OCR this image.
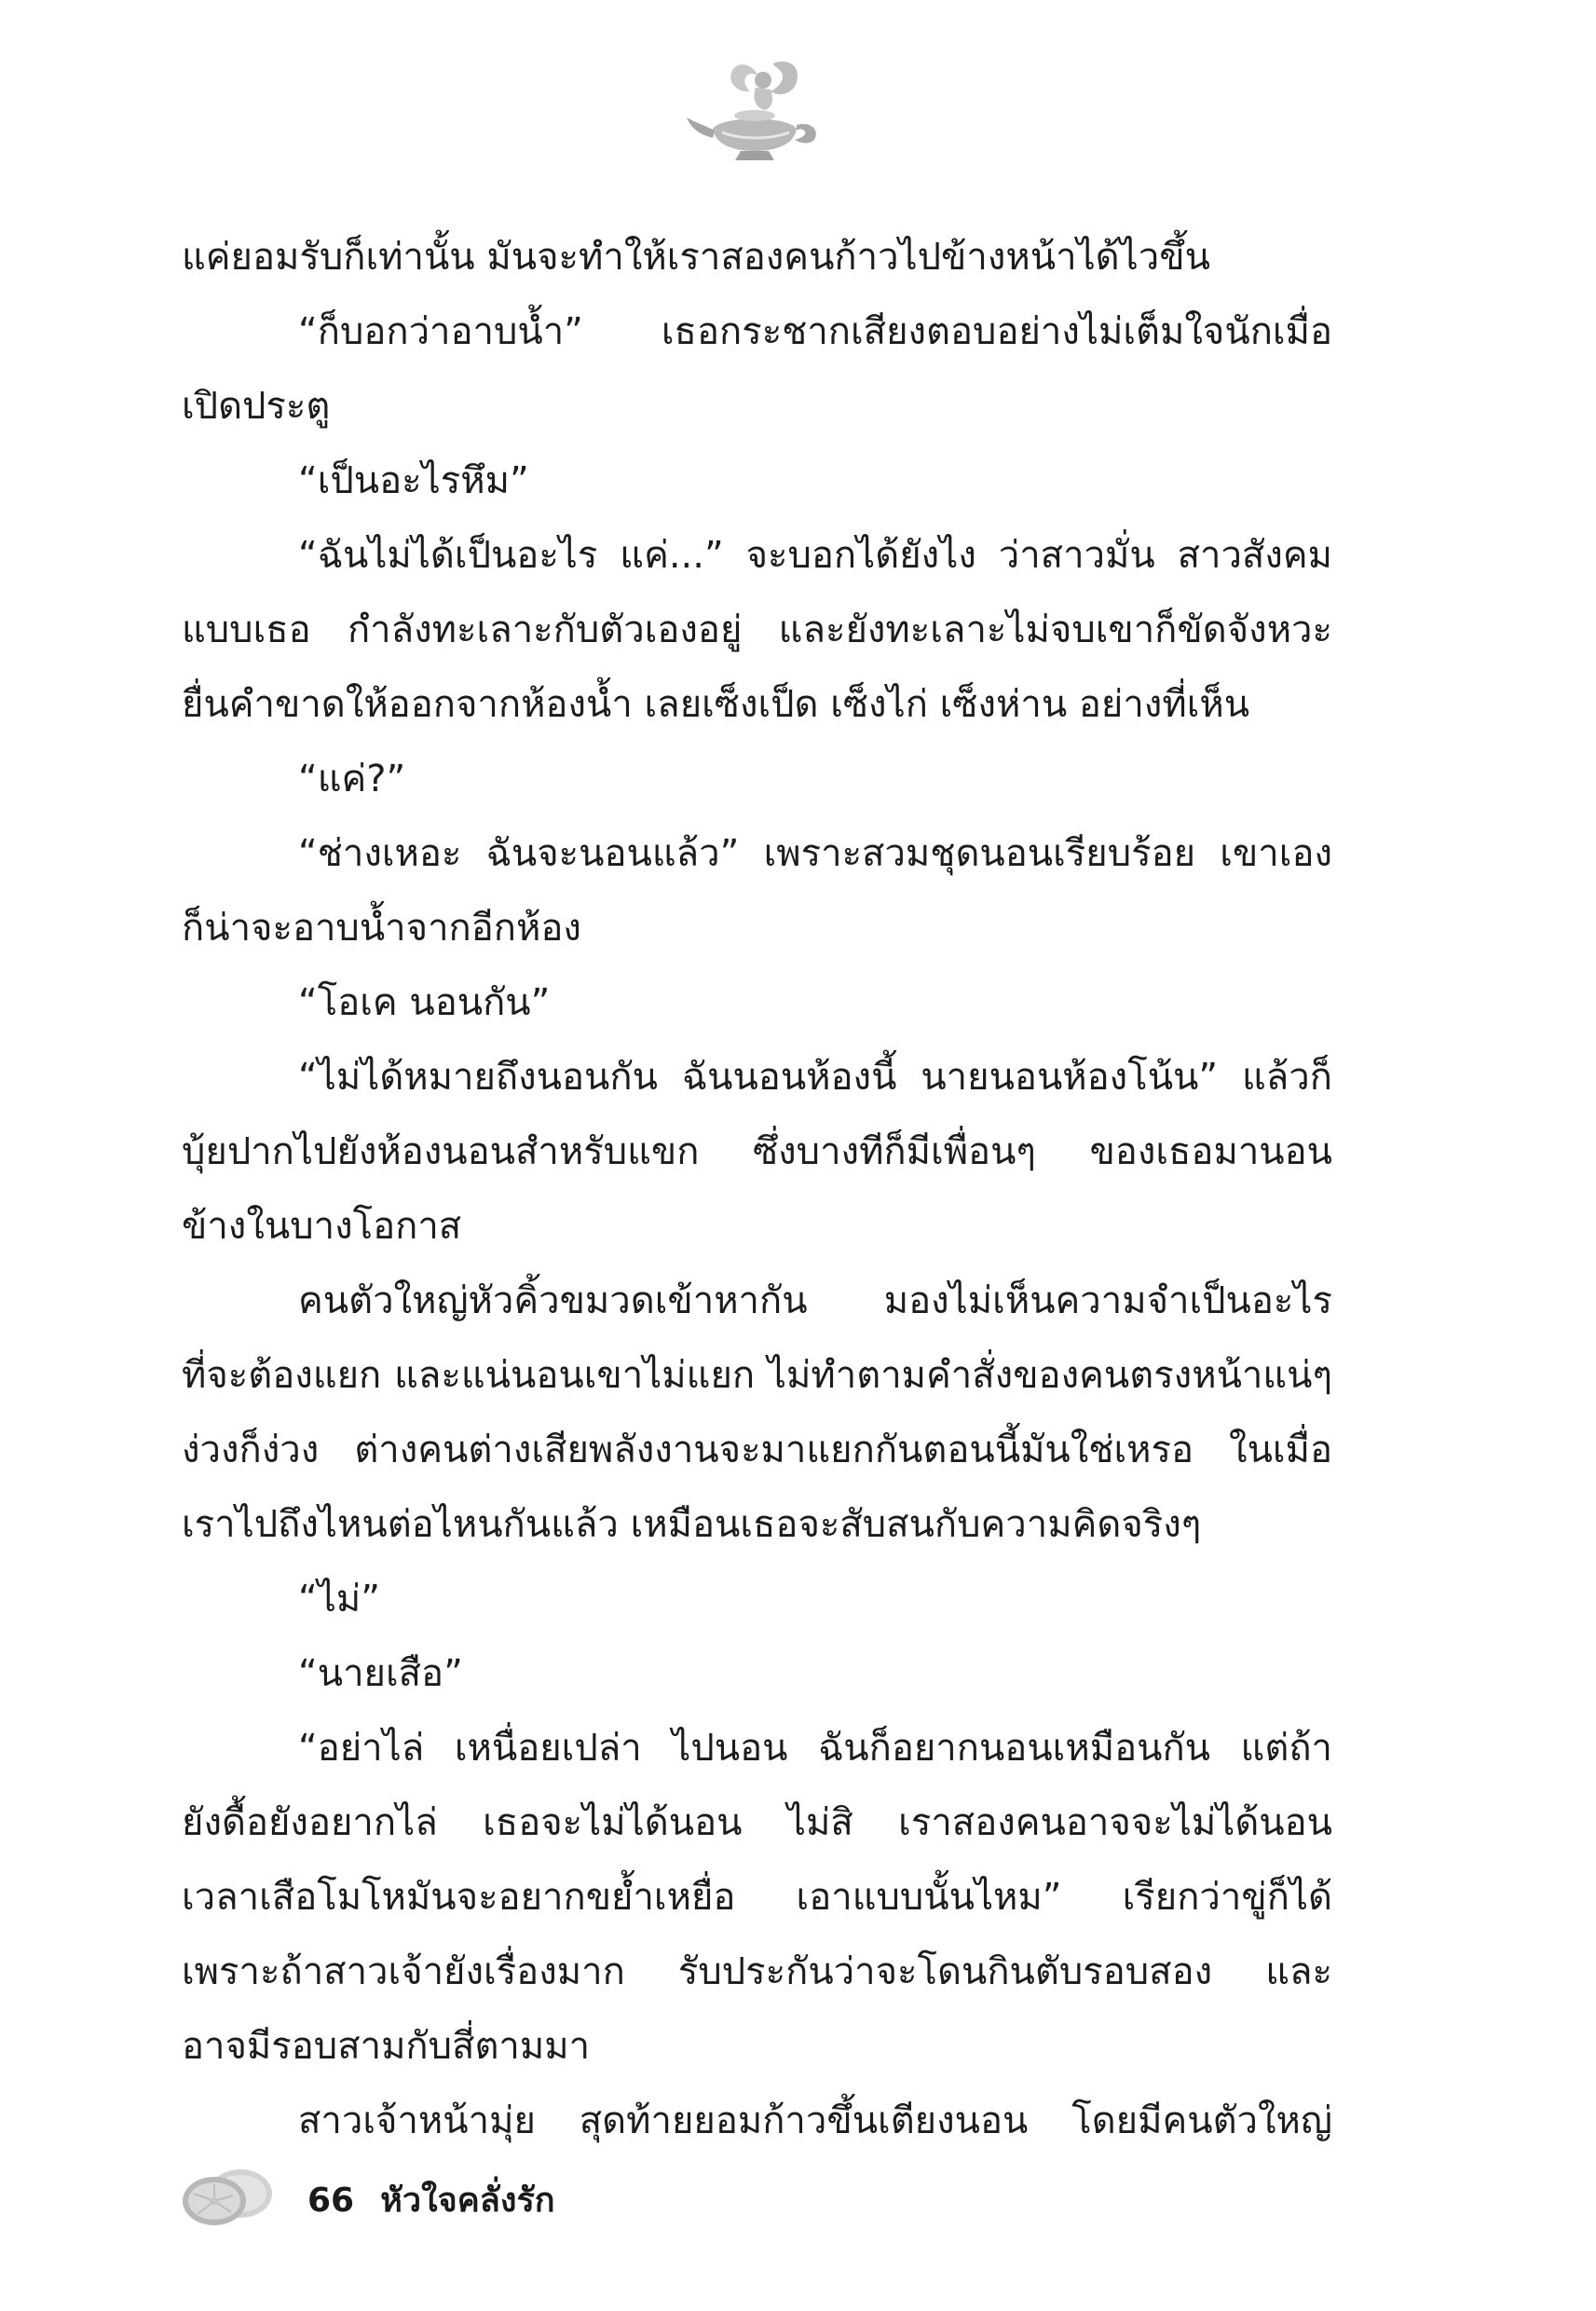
แค่ยอมรับก็เท่านั้น มันจะทำให้เราสองคนก้าวไปข้างหน้าได้ไวขึ้น

“ก็บอกว่าอาบน้ำ” เธอกระชากเสียงตอบอย่างไม่เต็มใจนักเมื่อ

เปิดประตู

“เป็นอะไรหึม”

“ฉันไม่ได้เป็นอะไร แค่...” จะบอกได้ยังไง ว่าสาวมั่น สาวสังคม

แบบเธอ กำลังทะเลาะกับตัวเองอยู่ และยังทะเลาะไม่จบเขาก็ขัดจังหวะ

ยื่นคำขาดให้ออกจากห้องน้ำ เลยเซ็งเป็ด เซ็งไก่ เซ็งห่าน อย่างที่เห็น

“แค่?”

“ช่างเหอะ ฉันจะนอนแล้ว” เพราะสวมชุดนอนเรียบร้อย เขาเอง

ก็น่าจะอาบน้ำจากอีกห้อง

“โอเค นอนกัน”

“ไม่ได้หมายถึงนอนกัน ฉันนอนห้องนี้ นายนอนห้องโน้น” แล้วก็

บุ้ยปากไปยังห้องนอนสำหรับแขก ซึ่งบางทีก็มีเพื่อนๆ ของเธอมานอน

ข้างในบางโอกาส

คนตัวใหญ่หัวคิ้วขมวดเข้าหากัน มองไม่เห็นความจำเป็นอะไร

ที่จะต้องแยก และแน่นอนเขาไม่แยก ไม่ทำตามคำสั่งของคนตรงหน้าแน่ๆ

ง่วงก็ง่วง ต่างคนต่างเสียพลังงานจะมาแยกกันตอนนี้มันใช่เหรอ ในเมื่อ

เราไปถึงไหนต่อไหนกันแล้ว เหมือนเธอจะสับสนกับความคิดจริงๆ

“ไม่”

“นายเสือ”

“อย่าไล่ เหนื่อยเปล่า ไปนอน ฉันก็อยากนอนเหมือนกัน แต่ถ้า

ยังดื้อยังอยากไล่ เธอจะไม่ได้นอน ไม่สิ เราสองคนอาจจะไม่ได้นอน

เวลาเสือโมโหมันจะอยากขย้ำเหยื่อ เอาแบบนั้นไหม” เรียกว่าขู่ก็ได้

เพราะถ้าสาวเจ้ายังเรื่องมาก รับประกันว่าจะโดนกินตับรอบสอง และ

อาจมีรอบสามกับสี่ตามมา

สาวเจ้าหน้ามุ่ย สุดท้ายยอมก้าวขึ้นเตียงนอน โดยมีคนตัวใหญ่

66 หัวใจคลั่งรัก
